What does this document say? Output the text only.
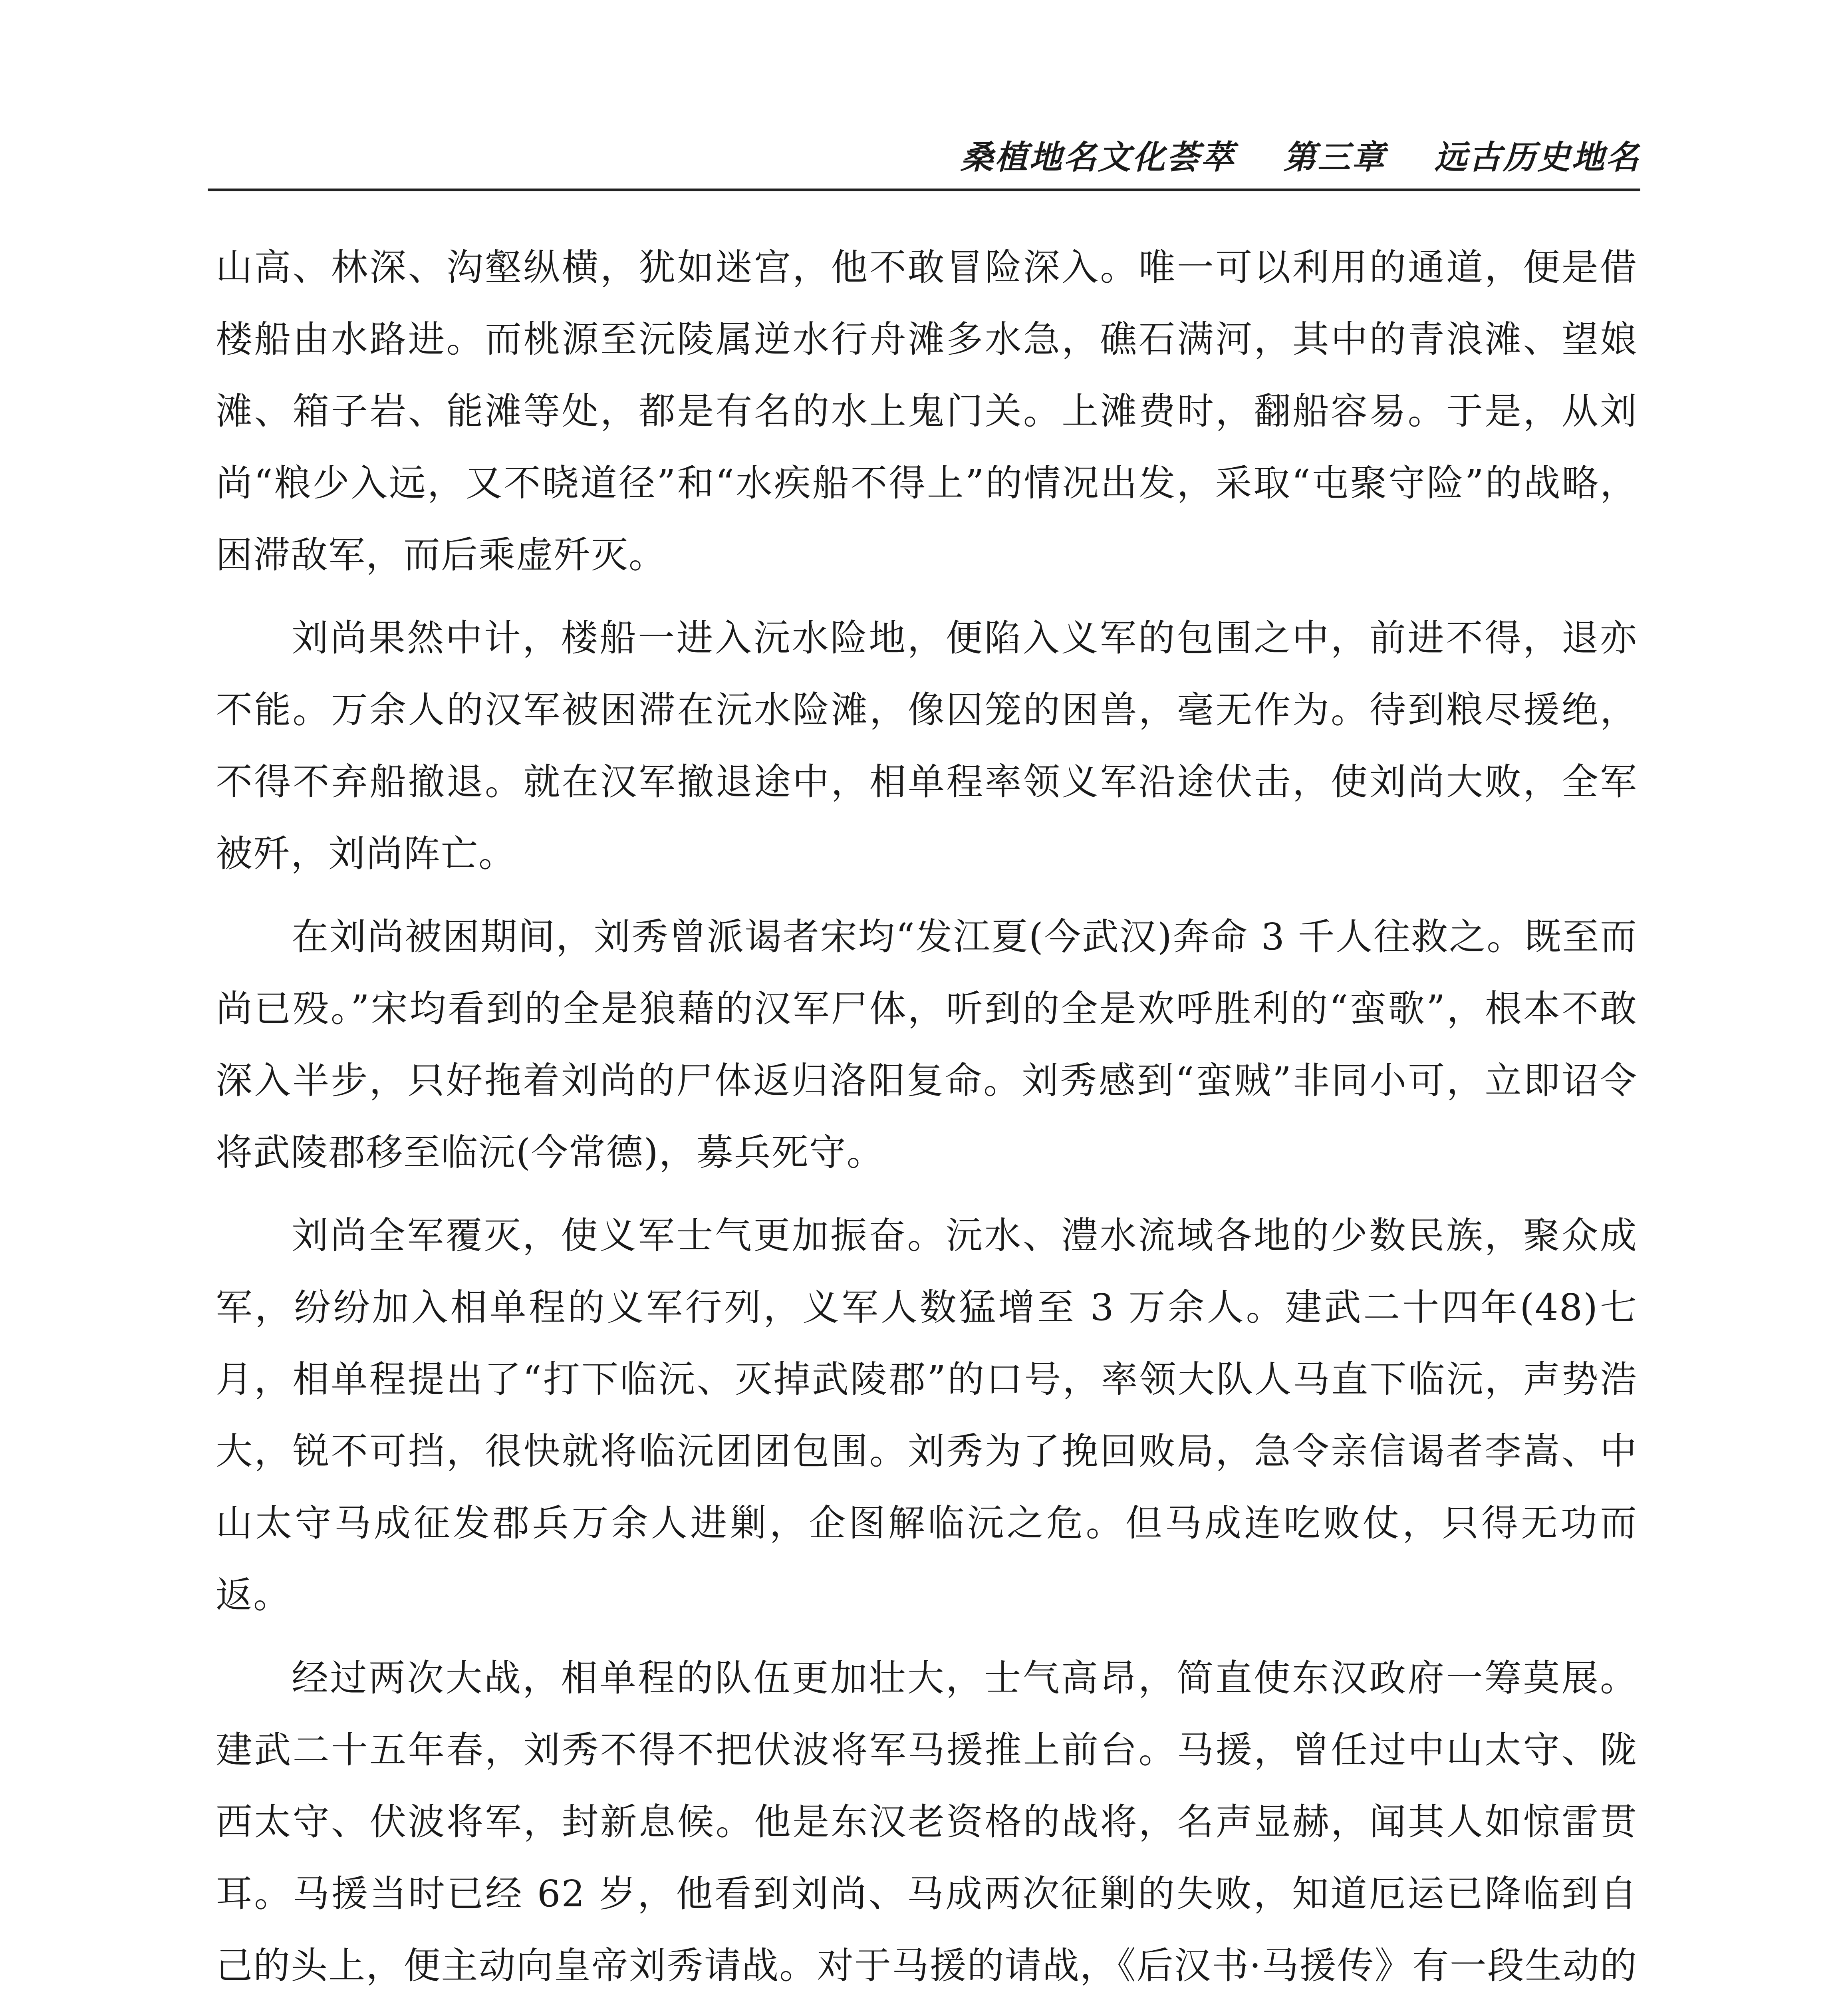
桑植地名文化荟萃 第三章 远古历史地名

山高、林深、沟壑纵横，犹如迷宫，他不敢冒险深入。唯一可以利用的通道，便是借楼船由水路进。而桃源至沅陵属逆水行舟滩多水急，礁石满河，其中的青浪滩、望娘滩、箱子岩、能滩等处，都是有名的水上鬼门关。上滩费时，翻船容易。于是，从刘尚“粮少入远，又不晓道径”和“水疾船不得上”的情况出发，采取“屯聚守险”的战略，困滞敌军，而后乘虚歼灭。

刘尚果然中计，楼船一进入沅水险地，便陷入义军的包围之中，前进不得，退亦不能。万余人的汉军被困滞在沅水险滩，像囚笼的困兽，毫无作为。待到粮尽援绝，不得不弃船撤退。就在汉军撤退途中，相单程率领义军沿途伏击，使刘尚大败，全军被歼，刘尚阵亡。

在刘尚被困期间，刘秀曾派谒者宋均“发江夏(今武汉)奔命 3 千人往救之。既至而尚已殁。”宋均看到的全是狼藉的汉军尸体，听到的全是欢呼胜利的“蛮歌”，根本不敢深入半步，只好拖着刘尚的尸体返归洛阳复命。刘秀感到“蛮贼”非同小可，立即诏令将武陵郡移至临沅(今常德)，募兵死守。

刘尚全军覆灭，使义军士气更加振奋。沅水、澧水流域各地的少数民族，聚众成军，纷纷加入相单程的义军行列，义军人数猛增至 3 万余人。建武二十四年(48)七月，相单程提出了“打下临沅、灭掉武陵郡”的口号，率领大队人马直下临沅，声势浩大，锐不可挡，很快就将临沅团团包围。刘秀为了挽回败局，急令亲信谒者李嵩、中山太守马成征发郡兵万余人进剿，企图解临沅之危。但马成连吃败仗，只得无功而返。

经过两次大战，相单程的队伍更加壮大，士气高昂，简直使东汉政府一筹莫展。建武二十五年春，刘秀不得不把伏波将军马援推上前台。马援，曾任过中山太守、陇西太守、伏波将军，封新息候。他是东汉老资格的战将，名声显赫，闻其人如惊雷贯耳。马援当时已经 62 岁，他看到刘尚、马成两次征剿的失败，知道厄运已降临到自己的头上，便主动向皇帝刘秀请战。对于马援的请战，《后汉书·马援传》有一段生动的
